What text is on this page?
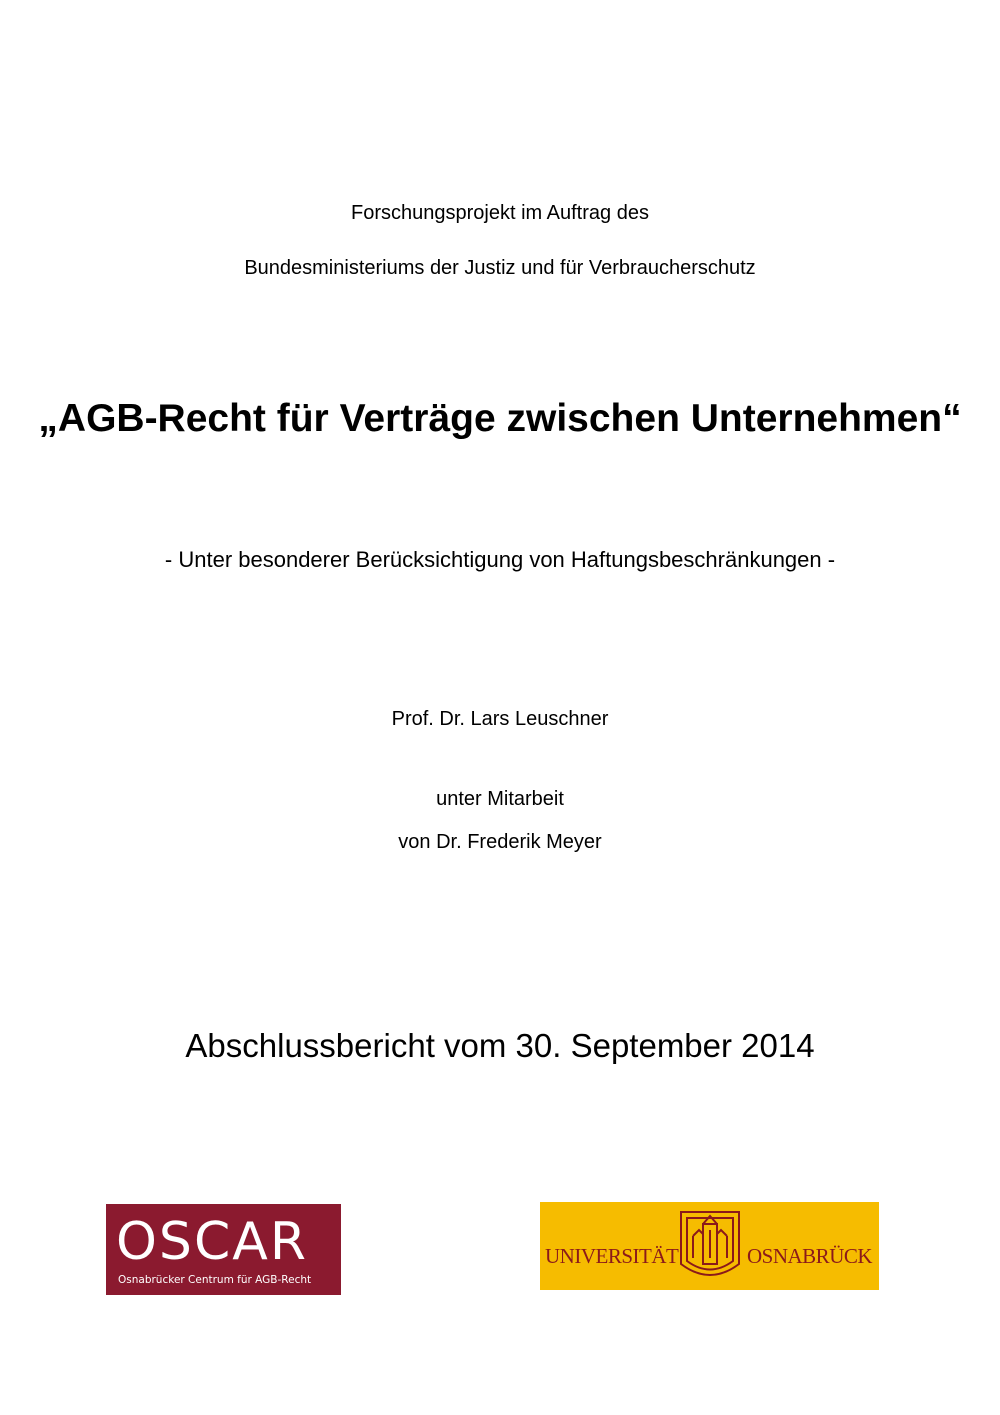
Forschungsprojekt im Auftrag des
Bundesministeriums der Justiz und für Verbraucherschutz
„AGB-Recht für Verträge zwischen Unternehmen“
- Unter besonderer Berücksichtigung von Haftungsbeschränkungen -
Prof. Dr. Lars Leuschner
unter Mitarbeit
von Dr. Frederik Meyer
Abschlussbericht vom 30. September 2014
OSCAR
Osnabrücker Centrum für AGB-Recht
UNIVERSITÄT	OSNABRÜCK
